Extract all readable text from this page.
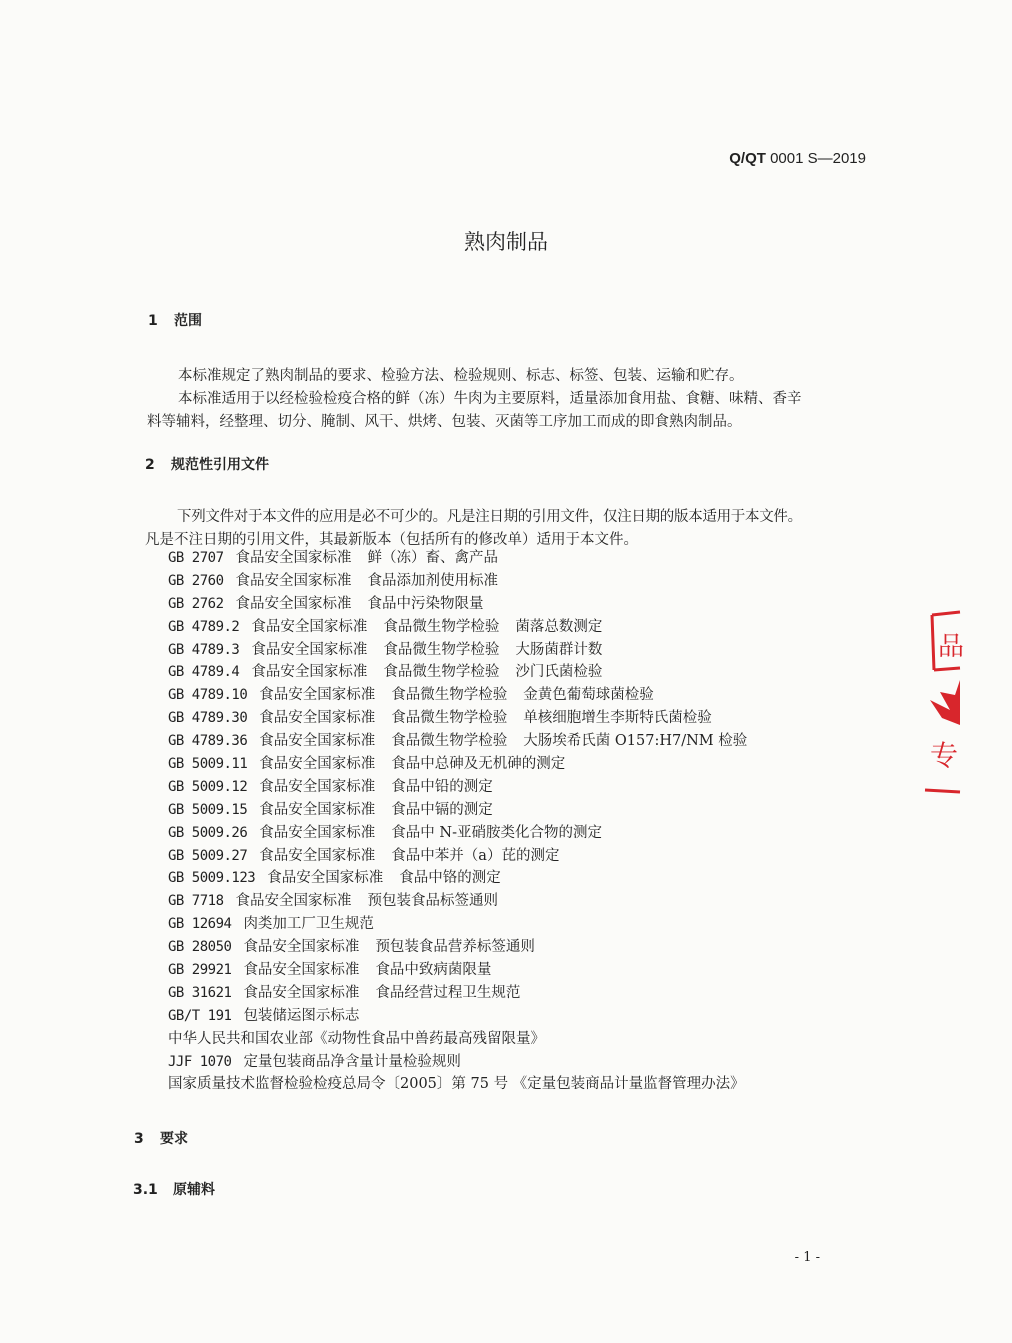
Q/QT 0001 S—2019
熟肉制品
1 范围
本标准规定了熟肉制品的要求、检验方法、检验规则、标志、标签、包装、运输和贮存。
本标准适用于以经检验检疫合格的鲜（冻）牛肉为主要原料，适量添加食用盐、食糖、味精、香辛
料等辅料，经整理、切分、腌制、风干、烘烤、包装、灭菌等工序加工而成的即食熟肉制品。
2 规范性引用文件
下列文件对于本文件的应用是必不可少的。凡是注日期的引用文件，仅注日期的版本适用于本文件。
凡是不注日期的引用文件，其最新版本（包括所有的修改单）适用于本文件。
GB 2707 食品安全国家标准 鲜（冻）畜、禽产品
GB 2760 食品安全国家标准 食品添加剂使用标准
GB 2762 食品安全国家标准 食品中污染物限量
GB 4789.2 食品安全国家标准 食品微生物学检验 菌落总数测定
GB 4789.3 食品安全国家标准 食品微生物学检验 大肠菌群计数
GB 4789.4 食品安全国家标准 食品微生物学检验 沙门氏菌检验
GB 4789.10 食品安全国家标准 食品微生物学检验 金黄色葡萄球菌检验
GB 4789.30 食品安全国家标准 食品微生物学检验 单核细胞增生李斯特氏菌检验
GB 4789.36 食品安全国家标准 食品微生物学检验 大肠埃希氏菌 O157:H7/NM 检验
GB 5009.11 食品安全国家标准 食品中总砷及无机砷的测定
GB 5009.12 食品安全国家标准 食品中铅的测定
GB 5009.15 食品安全国家标准 食品中镉的测定
GB 5009.26 食品安全国家标准 食品中 N-亚硝胺类化合物的测定
GB 5009.27 食品安全国家标准 食品中苯并（a）芘的测定
GB 5009.123 食品安全国家标准 食品中铬的测定
GB 7718 食品安全国家标准 预包装食品标签通则
GB 12694 肉类加工厂卫生规范
GB 28050 食品安全国家标准 预包装食品营养标签通则
GB 29921 食品安全国家标准 食品中致病菌限量
GB 31621 食品安全国家标准 食品经营过程卫生规范
GB/T 191 包装储运图示标志
中华人民共和国农业部《动物性食品中兽药最高残留限量》
JJF 1070 定量包装商品净含量计量检验规则
国家质量技术监督检验检疫总局令〔2005〕第 75 号 《定量包装商品计量监督管理办法》
3 要求
3.1 原辅料
- 1 -
品
专
